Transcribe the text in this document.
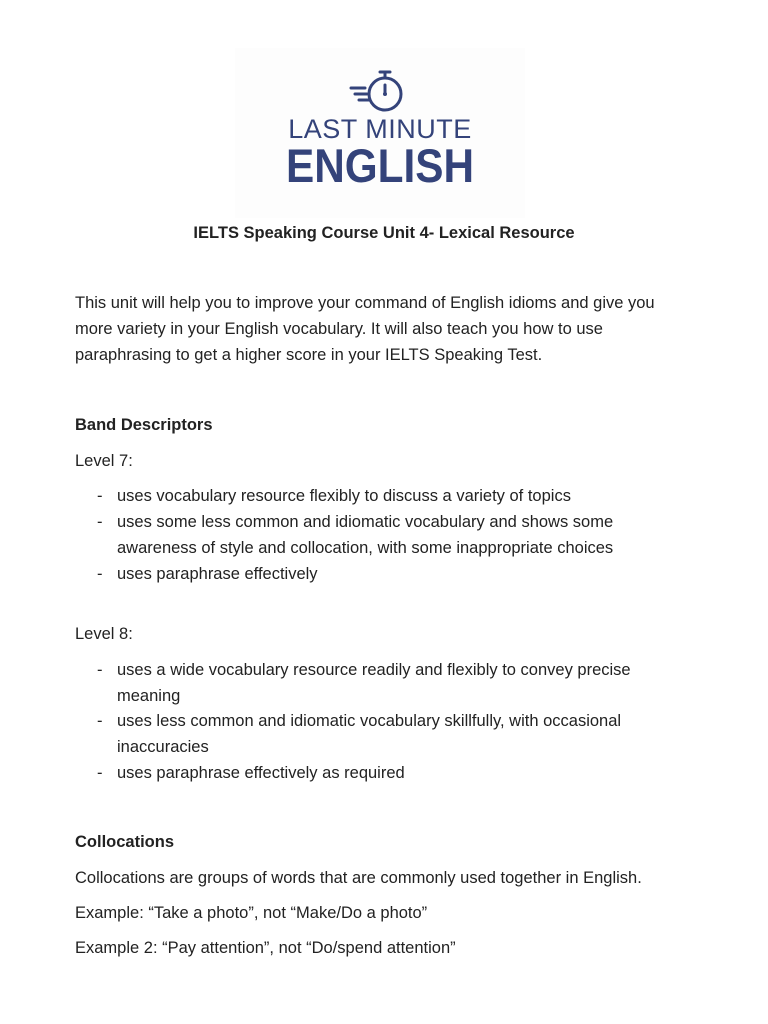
LAST MINUTE
ENGLISH
IELTS Speaking Course Unit 4- Lexical Resource
This unit will help you to improve your command of English idioms and give you
more variety in your English vocabulary. It will also teach you how to use
paraphrasing to get a higher score in your IELTS Speaking Test.
Band Descriptors
Level 7:
- uses vocabulary resource flexibly to discuss a variety of topics
- uses some less common and idiomatic vocabulary and shows some awareness of style and collocation, with some inappropriate choices
- uses paraphrase effectively
Level 8:
- uses a wide vocabulary resource readily and flexibly to convey precise meaning
- uses less common and idiomatic vocabulary skillfully, with occasional inaccuracies
- uses paraphrase effectively as required
Collocations
Collocations are groups of words that are commonly used together in English.
Example: “Take a photo”, not “Make/Do a photo”
Example 2: “Pay attention”, not “Do/spend attention”
